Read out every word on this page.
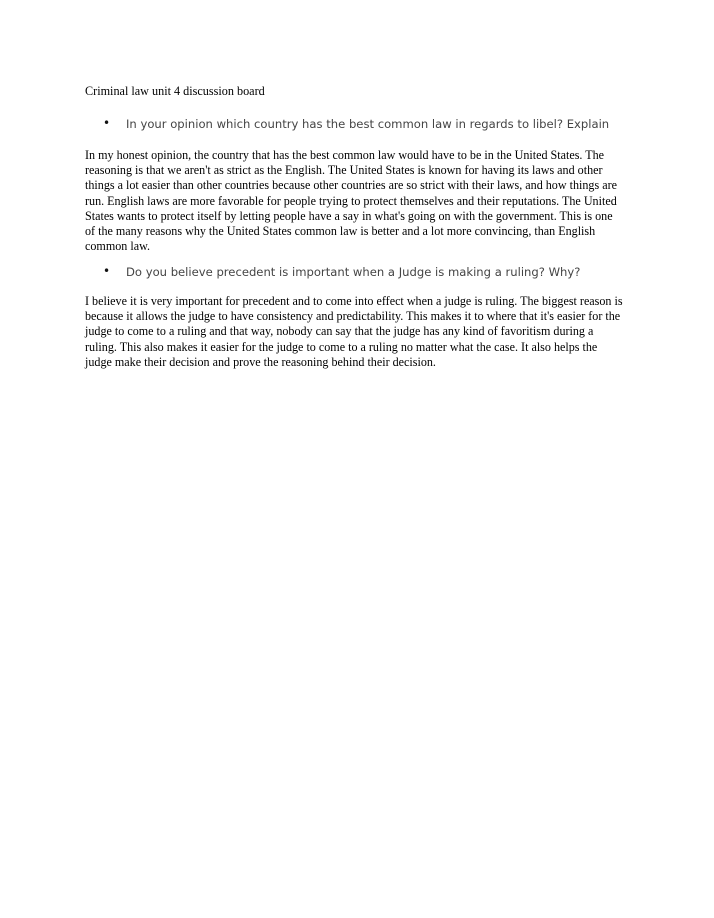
Criminal law unit 4 discussion board
• In your opinion which country has the best common law in regards to libel? Explain
In my honest opinion, the country that has the best common law would have to be in the United States. The
reasoning is that we aren't as strict as the English. The United States is known for having its laws and other
things a lot easier than other countries because other countries are so strict with their laws, and how things are
run. English laws are more favorable for people trying to protect themselves and their reputations. The United
States wants to protect itself by letting people have a say in what's going on with the government. This is one
of the many reasons why the United States common law is better and a lot more convincing, than English
common law.
• Do you believe precedent is important when a Judge is making a ruling? Why?
I believe it is very important for precedent and to come into effect when a judge is ruling. The biggest reason is
because it allows the judge to have consistency and predictability. This makes it to where that it's easier for the
judge to come to a ruling and that way, nobody can say that the judge has any kind of favoritism during a
ruling. This also makes it easier for the judge to come to a ruling no matter what the case. It also helps the
judge make their decision and prove the reasoning behind their decision.
